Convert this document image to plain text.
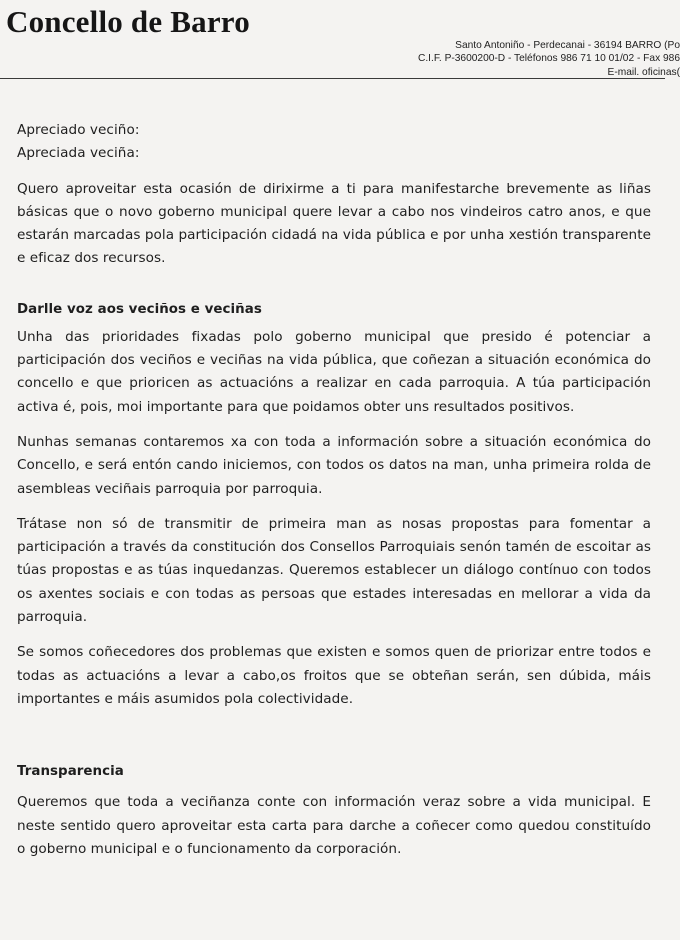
Concello de Barro
Santo Antoniño - Perdecanai - 36194 BARRO (Po
C.I.F. P-3600200-D - Teléfonos 986 71 10 01/02 - Fax 986
E-mail. oficinas(
Apreciado veciño:
Apreciada veciña:

Quero aproveitar esta ocasión de dirixirme a ti para manifestarche brevemente as liñas básicas que o novo goberno municipal quere levar a cabo nos vindeiros catro anos, e que estarán marcadas pola participación cidadá na vida pública e por unha xestión transparente e eficaz dos recursos.

Darlle voz aos veciños e veciñas

Unha das prioridades fixadas polo goberno municipal que presido é potenciar a participación dos veciños e veciñas na vida pública, que coñezan a situación económica do concello e que prioricen as actuacións a realizar en cada parroquia. A túa participación activa é, pois, moi importante para que poidamos obter uns resultados positivos.

Nunhas semanas contaremos xa con toda a información sobre a situación económica do Concello, e será entón cando iniciemos, con todos os datos na man, unha primeira rolda de asembleas veciñais parroquia por parroquia.

Trátase non só de transmitir de primeira man as nosas propostas para fomentar a participación a través da constitución dos Consellos Parroquiais senón tamén de escoitar as túas propostas e as túas inquedanzas. Queremos establecer un diálogo contínuo con todos os axentes sociais e con todas as persoas que estades interesadas en mellorar a vida da parroquia.

Se somos coñecedores dos problemas que existen e somos quen de priorizar entre todos e todas as actuacións a levar a cabo,os froitos que se obteñan serán, sen dúbida, máis importantes e máis asumidos pola colectividade.

Transparencia

Queremos que toda a veciñanza conte con información veraz sobre a vida municipal. E neste sentido quero aproveitar esta carta para darche a coñecer como quedou constituído o goberno municipal e o funcionamento da corporación.
